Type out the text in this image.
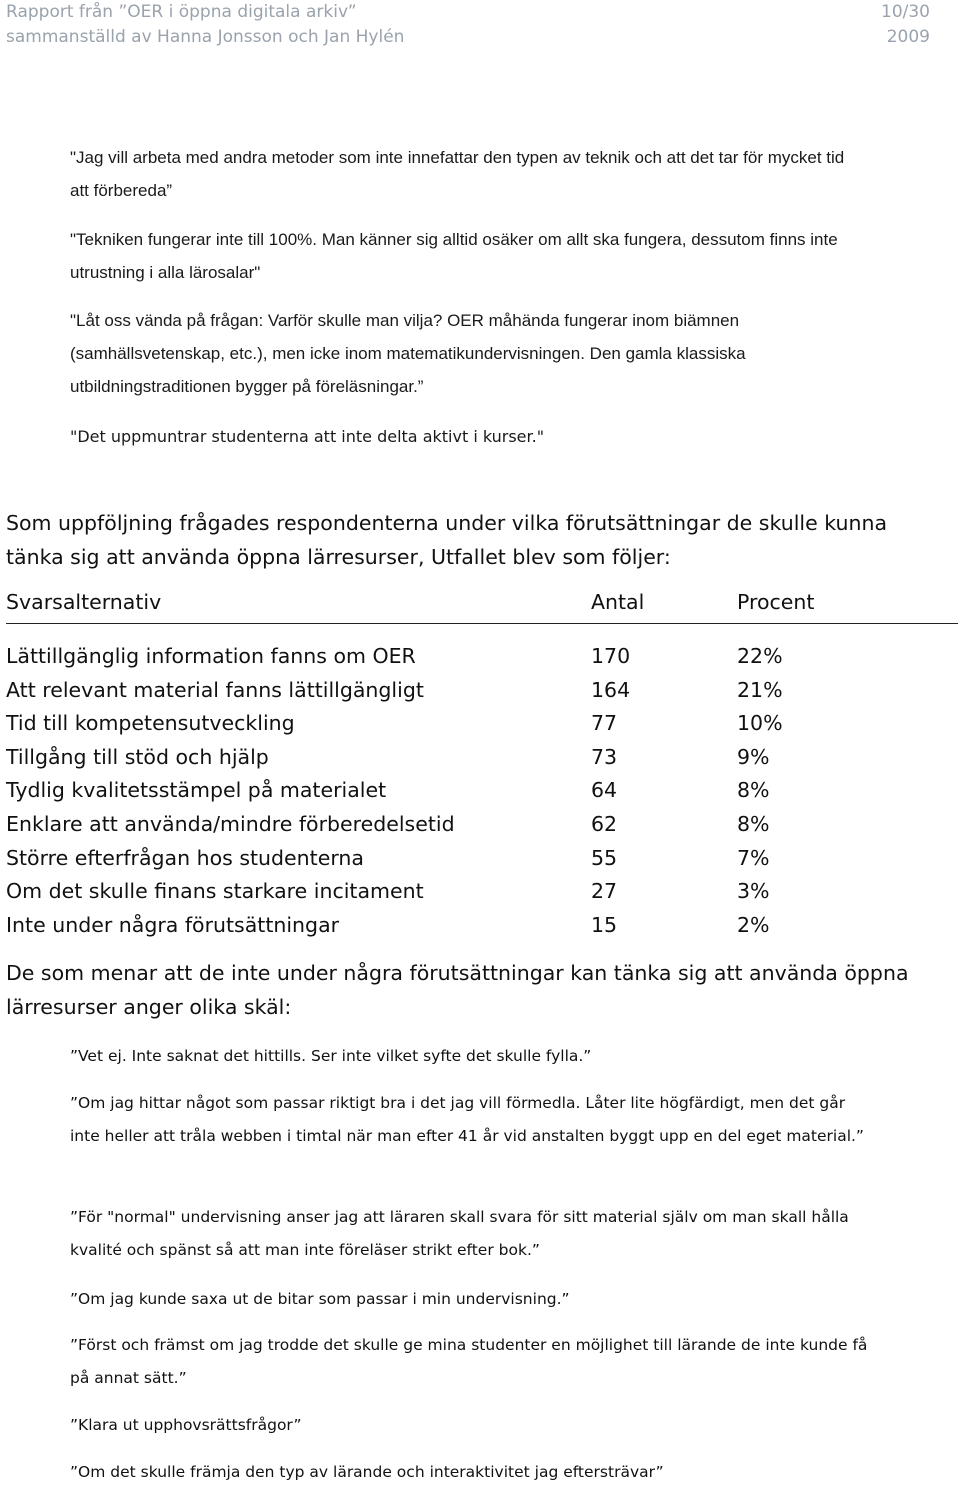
Rapport från ”OER i öppna digitala arkiv”
sammanställd av Hanna Jonsson och Jan Hylén
10/30
2009
"Jag vill arbeta med andra metoder som inte innefattar den typen av teknik och att det tar för mycket tid att förbereda”
"Tekniken fungerar inte till 100%. Man känner sig alltid osäker om allt ska fungera, dessutom finns inte utrustning i alla lärosalar"
"Låt oss vända på frågan: Varför skulle man vilja? OER måhända fungerar inom biämnen (samhällsvetenskap, etc.), men icke inom matematikundervisningen. Den gamla klassiska utbildningstraditionen bygger på föreläsningar.”
"Det uppmuntrar studenterna att inte delta aktivt i kurser."
Som uppföljning frågades respondenterna under vilka förutsättningar de skulle kunna tänka sig att använda öppna lärresurser, Utfallet blev som följer:
Svarsalternativ	Antal	Procent
Lättillgänglig information fanns om OER	170	22%
Att relevant material fanns lättillgängligt	164	21%
Tid till kompetensutveckling	77	10%
Tillgång till stöd och hjälp	73	9%
Tydlig kvalitetsstämpel på materialet	64	8%
Enklare att använda/mindre förberedelsetid	62	8%
Större efterfrågan hos studenterna	55	7%
Om det skulle finans starkare incitament	27	3%
Inte under några förutsättningar	15	2%
De som menar att de inte under några förutsättningar kan tänka sig att använda öppna lärresurser anger olika skäl:
”Vet ej. Inte saknat det hittills. Ser inte vilket syfte det skulle fylla.”
”Om jag hittar något som passar riktigt bra i det jag vill förmedla. Låter lite högfärdigt, men det går inte heller att tråla webben i timtal när man efter 41 år vid anstalten byggt upp en del eget material.”
”För "normal" undervisning anser jag att läraren skall svara för sitt material själv om man skall hålla kvalité och spänst så att man inte föreläser strikt efter bok.”
”Om jag kunde saxa ut de bitar som passar i min undervisning.”
”Först och främst om jag trodde det skulle ge mina studenter en möjlighet till lärande de inte kunde få på annat sätt.”
”Klara ut upphovsrättsfrågor”
”Om det skulle främja den typ av lärande och interaktivitet jag eftersträvar”
